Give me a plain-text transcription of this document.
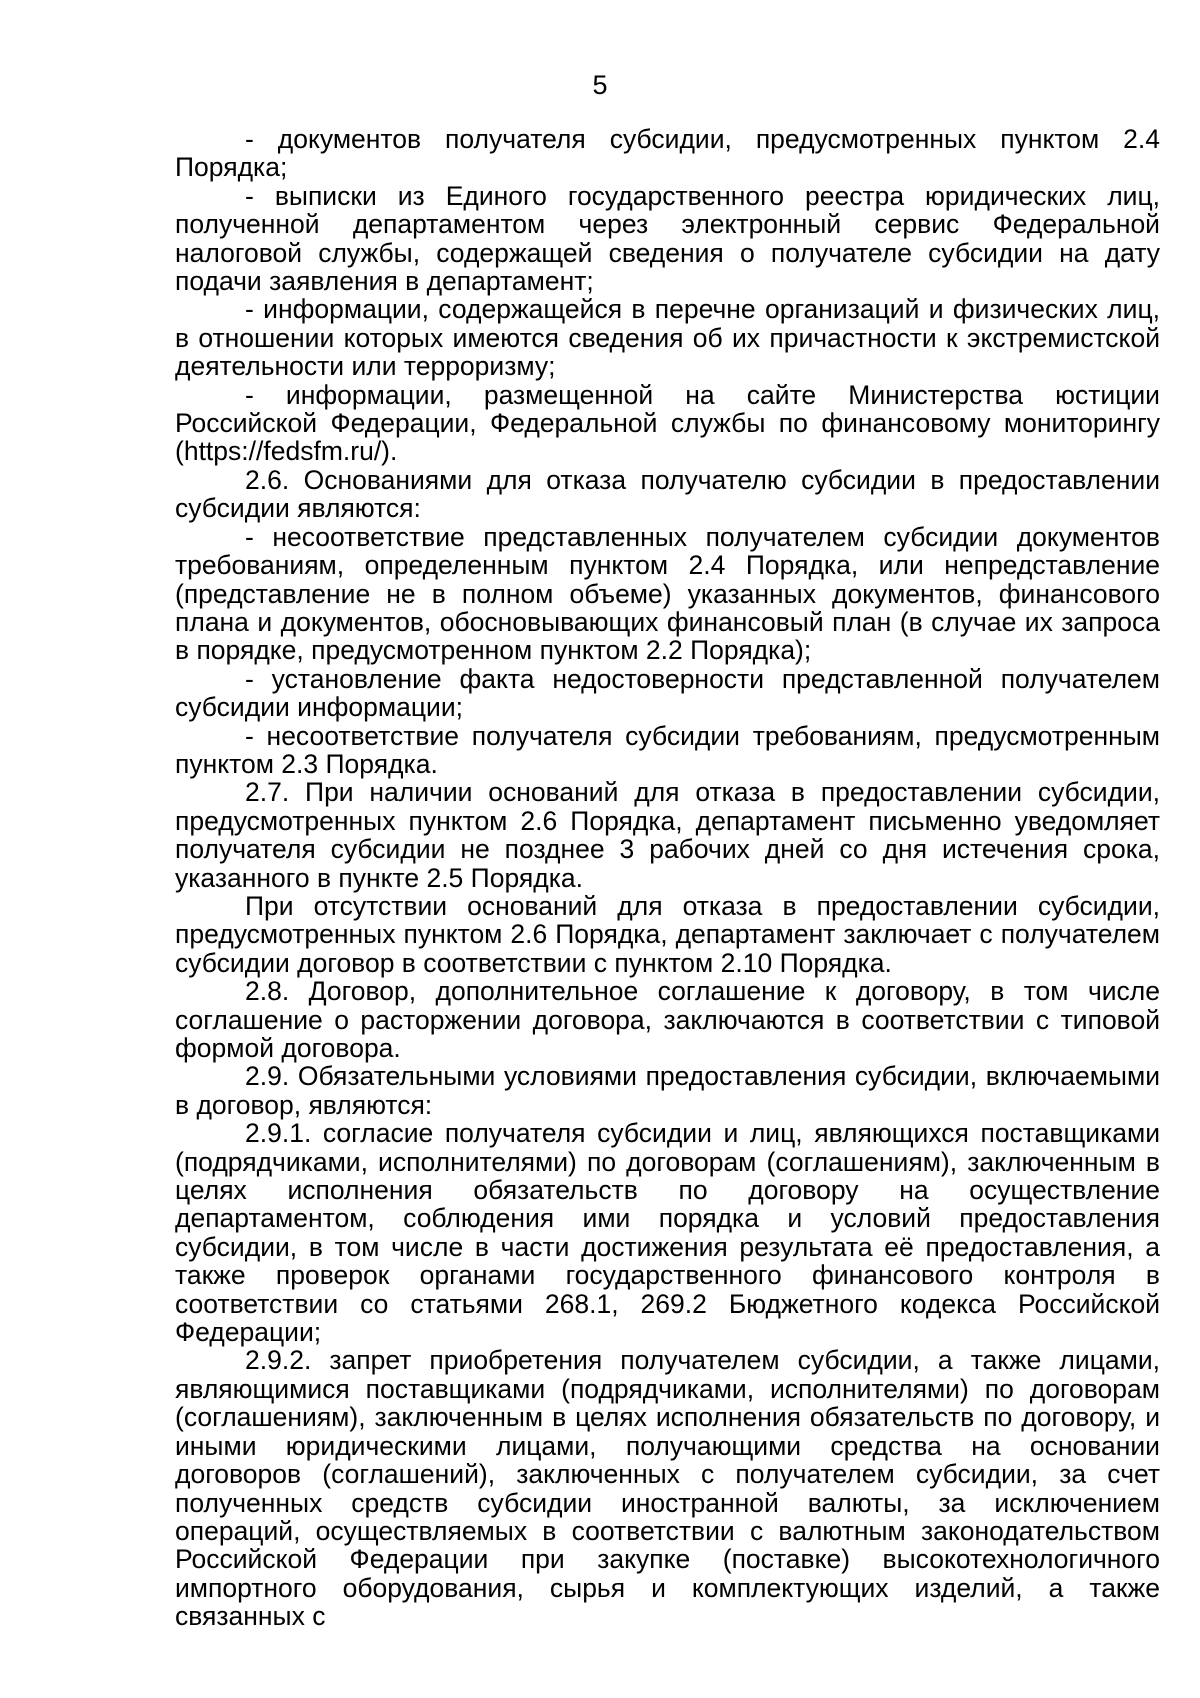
5

- документов получателя субсидии, предусмотренных пунктом 2.4 Порядка;

- выписки из Единого государственного реестра юридических лиц, полученной департаментом через электронный сервис Федеральной налоговой службы, содержащей сведения о получателе субсидии на дату подачи заявления в департамент;

- информации, содержащейся в перечне организаций и физических лиц, в отношении которых имеются сведения об их причастности к экстремистской деятельности или терроризму;

- информации, размещенной на сайте Министерства юстиции Российской Федерации, Федеральной службы по финансовому мониторингу (https://fedsfm.ru/).

2.6. Основаниями для отказа получателю субсидии в предоставлении субсидии являются:

- несоответствие представленных получателем субсидии документов требованиям, определенным пунктом 2.4 Порядка, или непредставление (представление не в полном объеме) указанных документов, финансового плана и документов, обосновывающих финансовый план (в случае их запроса в порядке, предусмотренном пунктом 2.2 Порядка);

- установление факта недостоверности представленной получателем субсидии информации;

- несоответствие получателя субсидии требованиям, предусмотренным пунктом 2.3 Порядка.

2.7. При наличии оснований для отказа в предоставлении субсидии, предусмотренных пунктом 2.6 Порядка, департамент письменно уведомляет получателя субсидии не позднее 3 рабочих дней со дня истечения срока, указанного в пункте 2.5 Порядка.

При отсутствии оснований для отказа в предоставлении субсидии, предусмотренных пунктом 2.6 Порядка, департамент заключает с получателем субсидии договор в соответствии с пунктом 2.10 Порядка.

2.8. Договор, дополнительное соглашение к договору, в том числе соглашение о расторжении договора, заключаются в соответствии с типовой формой договора.

2.9. Обязательными условиями предоставления субсидии, включаемыми в договор, являются:

2.9.1. согласие получателя субсидии и лиц, являющихся поставщиками (подрядчиками, исполнителями) по договорам (соглашениям), заключенным в целях исполнения обязательств по договору на осуществление департаментом, соблюдения ими порядка и условий предоставления субсидии, в том числе в части достижения результата её предоставления, а также проверок органами государственного финансового контроля в соответствии со статьями 268.1, 269.2 Бюджетного кодекса Российской Федерации;

2.9.2. запрет приобретения получателем субсидии, а также лицами, являющимися поставщиками (подрядчиками, исполнителями) по договорам (соглашениям), заключенным в целях исполнения обязательств по договору, и иными юридическими лицами, получающими средства на основании договоров (соглашений), заключенных с получателем субсидии, за счет полученных средств субсидии иностранной валюты, за исключением операций, осуществляемых в соответствии с валютным законодательством Российской Федерации при закупке (поставке) высокотехнологичного импортного оборудования, сырья и комплектующих изделий, а также связанных с
